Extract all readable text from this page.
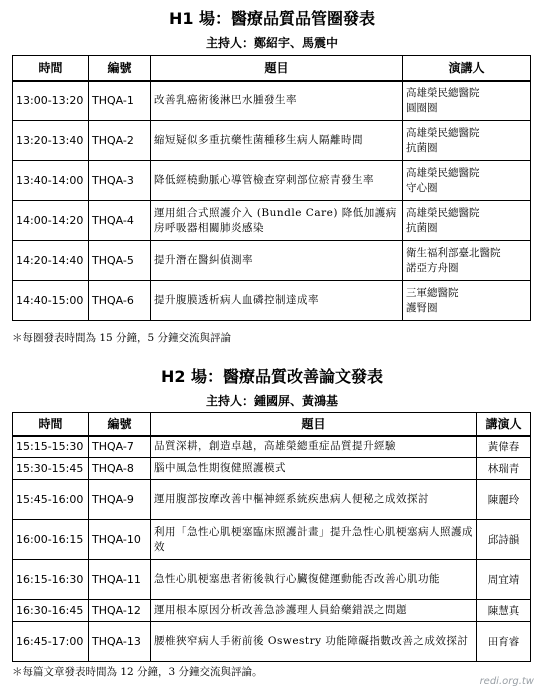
H1 場：醫療品質品管圈發表
主持人：鄭紹宇、馬震中
時間	編號	題目	演講人
13:00-13:20	THQA-1	改善乳癌術後淋巴水腫發生率	高雄榮民總醫院
圓圈圈

13:20-13:40	THQA-2	縮短疑似多重抗藥性菌種移生病人隔離時間	高雄榮民總醫院
抗菌圈

13:40-14:00	THQA-3	降低經橈動脈心導管檢查穿刺部位瘀青發生率	高雄榮民總醫院
守心圈

14:00-14:20	THQA-4	運用組合式照護介入 (Bundle Care) 降低加護病房呼吸器相關肺炎感染	高雄榮民總醫院
抗菌圈

14:20-14:40	THQA-5	提升潛在醫糾偵測率	衛生福利部臺北醫院
諾亞方舟圈

14:40-15:00	THQA-6	提升腹膜透析病人血磷控制達成率	三軍總醫院
護腎圈
＊每圈發表時間為 15 分鐘，5 分鐘交流與評論
H2 場：醫療品質改善論文發表
主持人：鍾國屏、黃鴻基
時間	編號	題目	講演人
15:15-15:30	THQA-7	品質深耕，創造卓越，高雄榮總重症品質提升經驗	黃偉春
15:30-15:45	THQA-8	腦中風急性期復健照護模式	林瑞青
15:45-16:00	THQA-9	運用腹部按摩改善中樞神經系統疾患病人便秘之成效探討	陳麗玲
16:00-16:15	THQA-10	利用「急性心肌梗塞臨床照護計畫」提升急性心肌梗塞病人照護成效	邱詩韻
16:15-16:30	THQA-11	急性心肌梗塞患者術後執行心臟復健運動能否改善心肌功能	周宜靖
16:30-16:45	THQA-12	運用根本原因分析改善急診護理人員給藥錯誤之問題	陳慧真
16:45-17:00	THQA-13	腰椎狹窄病人手術前後 Oswestry 功能障礙指數改善之成效探討	田育睿
＊每篇文章發表時間為 12 分鐘，3 分鐘交流與評論。
redi.org.tw
